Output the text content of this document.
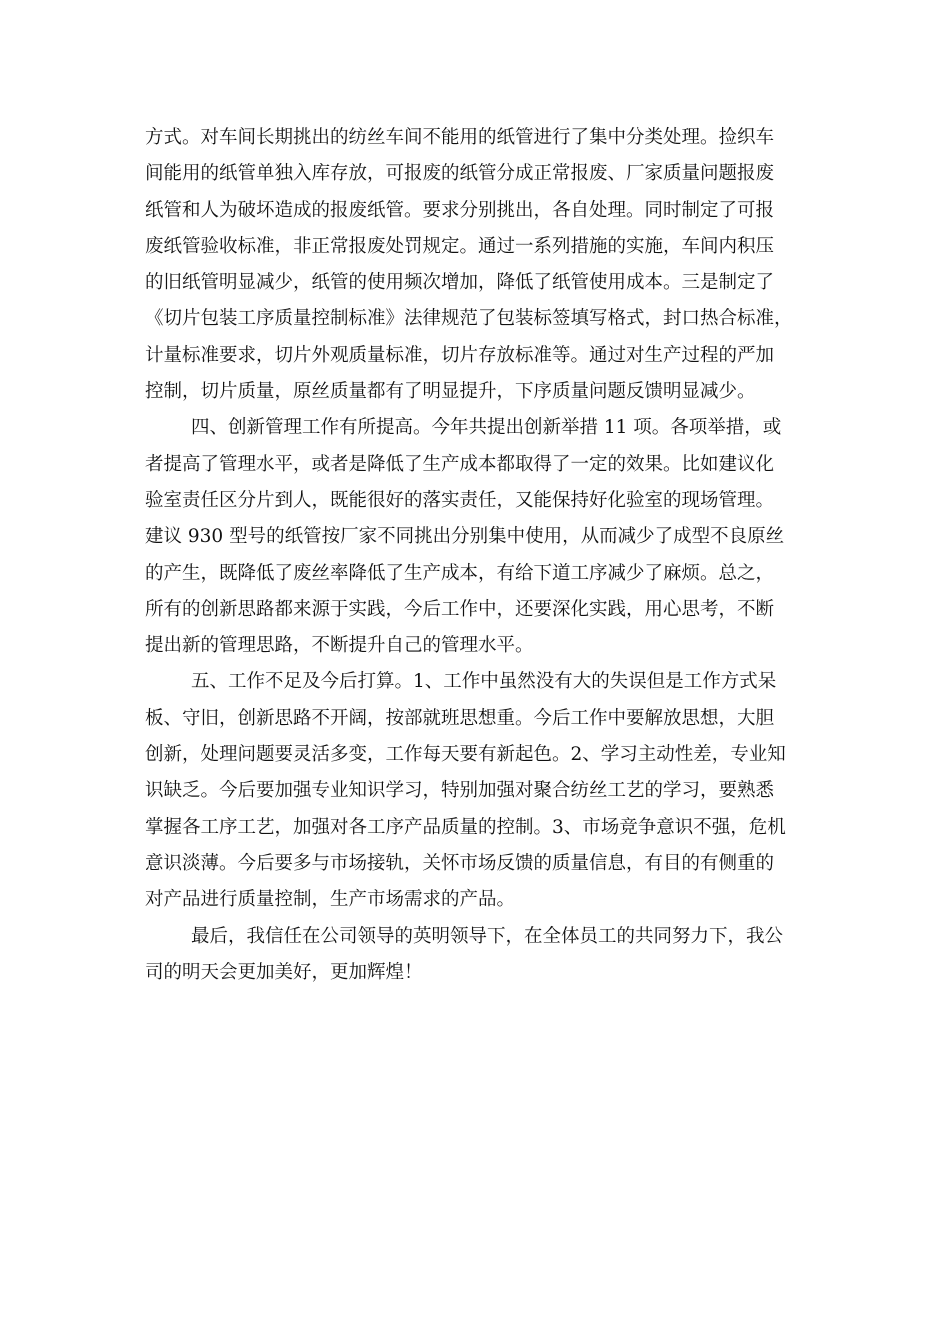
方式。对车间长期挑出的纺丝车间不能用的纸管进行了集中分类处理。捡织车
间能用的纸管单独入库存放，可报废的纸管分成正常报废、厂家质量问题报废
纸管和人为破坏造成的报废纸管。要求分别挑出，各自处理。同时制定了可报
废纸管验收标准，非正常报废处罚规定。通过一系列措施的实施，车间内积压
的旧纸管明显减少，纸管的使用频次增加，降低了纸管使用成本。三是制定了
《切片包装工序质量控制标准》法律规范了包装标签填写格式，封口热合标准，
计量标准要求，切片外观质量标准，切片存放标准等。通过对生产过程的严加
控制，切片质量，原丝质量都有了明显提升，下序质量问题反馈明显减少。
四、创新管理工作有所提高。今年共提出创新举措 11 项。各项举措，或
者提高了管理水平，或者是降低了生产成本都取得了一定的效果。比如建议化
验室责任区分片到人，既能很好的落实责任，又能保持好化验室的现场管理。
建议 930 型号的纸管按厂家不同挑出分别集中使用，从而减少了成型不良原丝
的产生，既降低了废丝率降低了生产成本，有给下道工序减少了麻烦。总之，
所有的创新思路都来源于实践，今后工作中，还要深化实践，用心思考，不断
提出新的管理思路，不断提升自己的管理水平。
五、工作不足及今后打算。1、工作中虽然没有大的失误但是工作方式呆
板、守旧，创新思路不开阔，按部就班思想重。今后工作中要解放思想，大胆
创新，处理问题要灵活多变，工作每天要有新起色。2、学习主动性差，专业知
识缺乏。今后要加强专业知识学习，特别加强对聚合纺丝工艺的学习，要熟悉
掌握各工序工艺，加强对各工序产品质量的控制。3、市场竞争意识不强，危机
意识淡薄。今后要多与市场接轨，关怀市场反馈的质量信息，有目的有侧重的
对产品进行质量控制，生产市场需求的产品。
最后，我信任在公司领导的英明领导下，在全体员工的共同努力下，我公
司的明天会更加美好，更加辉煌！
